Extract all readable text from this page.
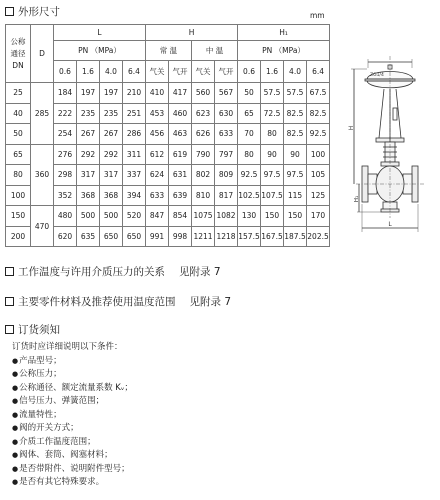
外形尺寸	mm
公称
通径
DN	D	L				H				H₁			
		PN （MPa）				常 温		中 温		PN （MPa）			
		0.6	1.6	4.0	6.4	气关	气开	气关	气开	0.6	1.6	4.0	6.4
25	285	184	197	197	210	410	417	560	567	50	57.5	57.5	67.5
40		222	235	235	251	453	460	623	630	65	72.5	82.5	82.5
50		254	267	267	286	456	463	626	633	70	80	82.5	92.5
65	360	276	292	292	311	612	619	790	797	80	90	90	100
80		298	317	317	337	624	631	802	809	92.5	97.5	97.5	105
100		352	368	368	394	633	639	810	817	102.5	107.5	115	125
150	470	480	500	500	520	847	854	1075	1082	130	150	150	170
200		620	635	650	650	991	998	1211	1218	157.5	167.5	187.5	202.5
ZG1/4
H
H₁
L
工作温度与许用介质压力的关系 见附录 7
主要零件材料及推荐使用温度范围 见附录 7
订货须知
订货时应详细说明以下条件：
●产品型号；
●公称压力；
●公称通径、额定流量系数 Kᵥ；
●信号压力、弹簧范围；
●流量特性；
●阀的开关方式；
●介质工作温度范围；
●阀体、套筒、阀塞材料；
●是否带附件、说明附件型号；
●是否有其它特殊要求。
